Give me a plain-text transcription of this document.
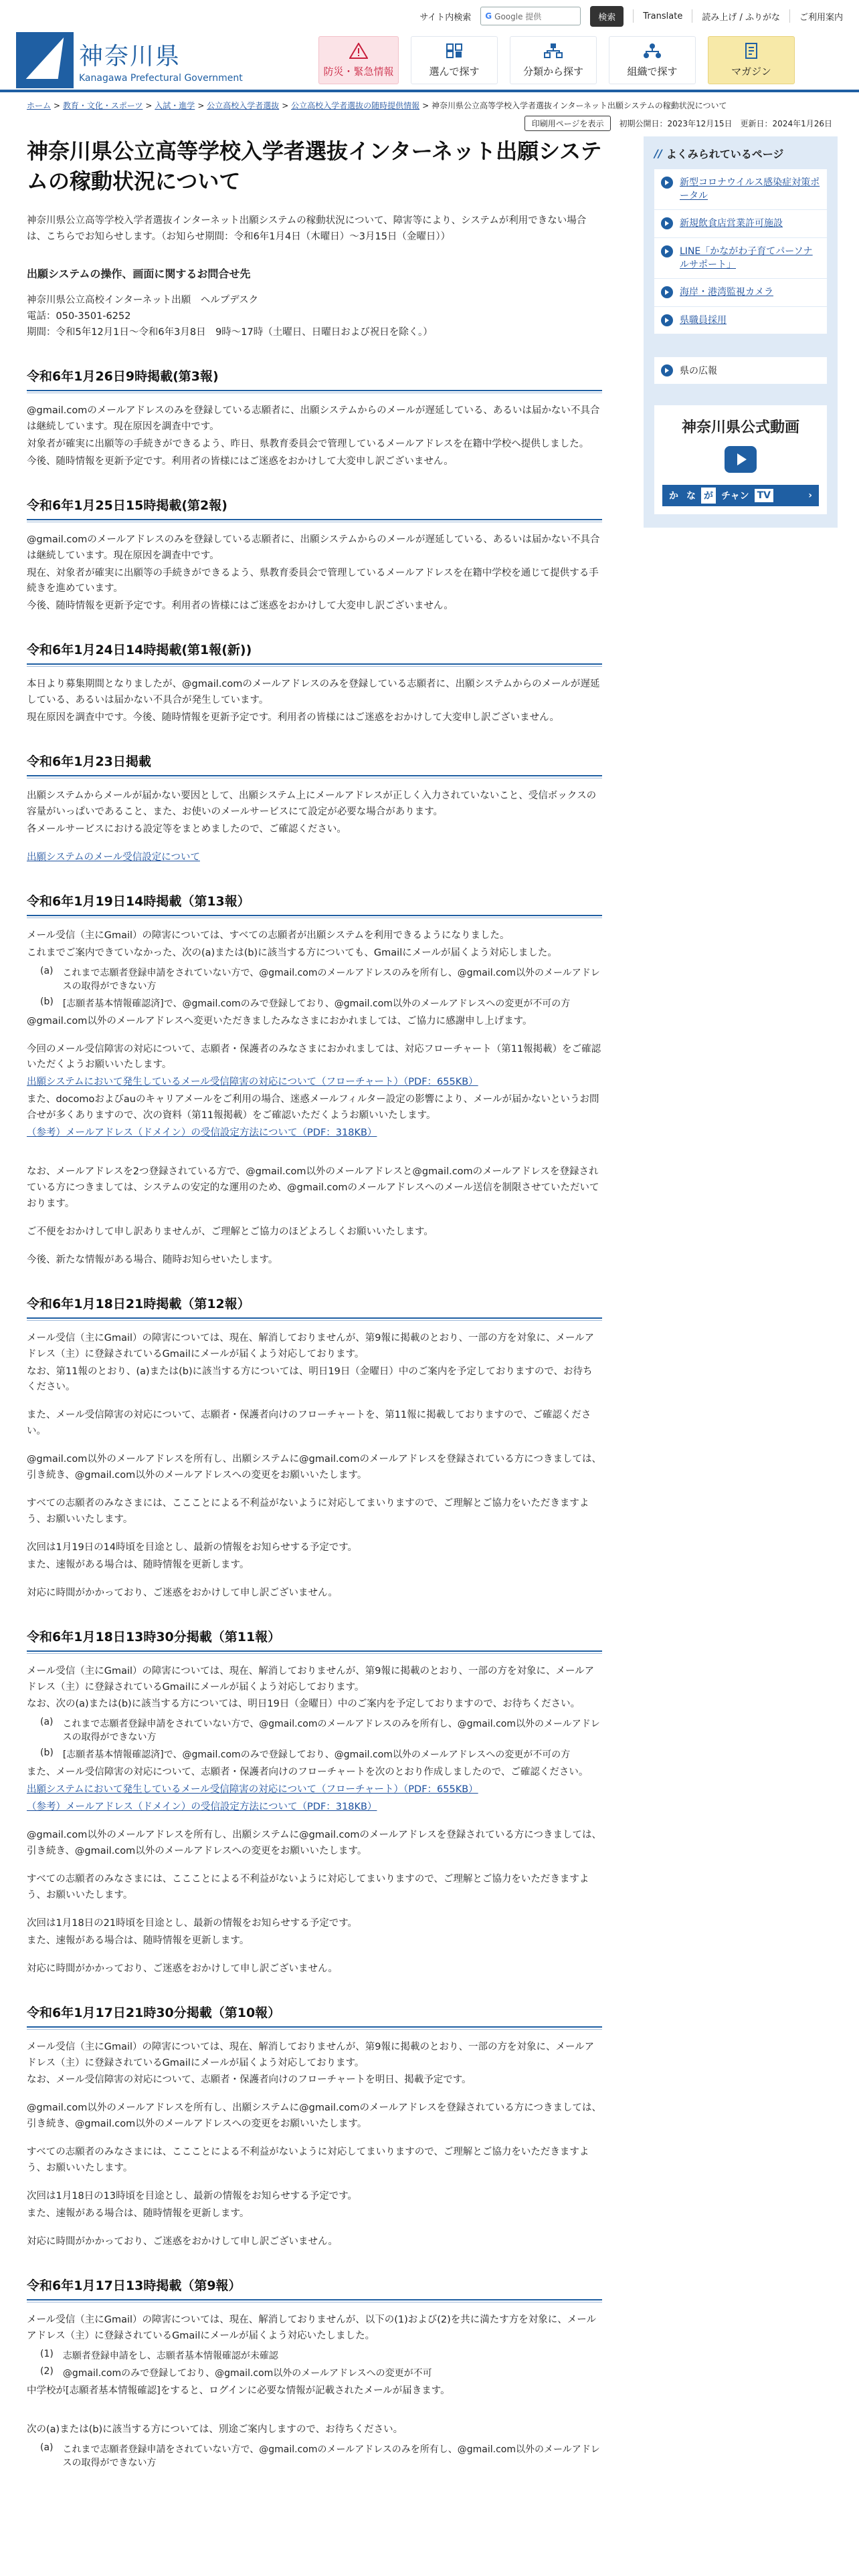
サイト内検索 G Google 提供	検索	Translate 読み上げ / ふりがな ご利用案内
神奈川県
Kanagawa Prefectural Government
防災・緊急情報	選んで探す	分類から探す	組織で探す	マガジン
ホーム > 教育・文化・スポーツ > 入試・進学 > 公立高校入学者選抜 > 公立高校入学者選抜の随時提供情報 > 神奈川県公立高等学校入学者選抜インターネット出願システムの稼動状況について
印刷用ページを表示	初期公開日：2023年12月15日 更新日：2024年1月26日
神奈川県公立高等学校入学者選抜インターネット出願システムの稼動状況について

神奈川県公立高等学校入学者選抜インターネット出願システムの稼動状況について、障害等により、システムが利用できない場合は、こちらでお知らせします。（お知らせ期間：令和6年1月4日（木曜日）～3月15日（金曜日））

出願システムの操作、画面に関するお問合せ先

神奈川県公立高校インターネット出願　ヘルプデスク

電話：050-3501-6252

期間：令和5年12月1日～令和6年3月8日　9時～17時（土曜日、日曜日および祝日を除く。）

令和6年1月26日9時掲載(第3報)

@gmail.comのメールアドレスのみを登録している志願者に、出願システムからのメールが遅延している、あるいは届かない不具合は継続しています。現在原因を調査中です。

対象者が確実に出願等の手続きができるよう、昨日、県教育委員会で管理しているメールアドレスを在籍中学校へ提供しました。

今後、随時情報を更新予定です。利用者の皆様にはご迷惑をおかけして大変申し訳ございません。

令和6年1月25日15時掲載(第2報)

@gmail.comのメールアドレスのみを登録している志願者に、出願システムからのメールが遅延している、あるいは届かない不具合は継続しています。現在原因を調査中です。

現在、対象者が確実に出願等の手続きができるよう、県教育委員会で管理しているメールアドレスを在籍中学校を通じて提供する手続きを進めています。

今後、随時情報を更新予定です。利用者の皆様にはご迷惑をおかけして大変申し訳ございません。

令和6年1月24日14時掲載(第1報(新))

本日より募集期間となりましたが、@gmail.comのメールアドレスのみを登録している志願者に、出願システムからのメールが遅延している、あるいは届かない不具合が発生しています。

現在原因を調査中です。今後、随時情報を更新予定です。利用者の皆様にはご迷惑をおかけして大変申し訳ございません。

令和6年1月23日掲載

出願システムからメールが届かない要因として、出願システム上にメールアドレスが正しく入力されていないこと、受信ボックスの容量がいっぱいであること、また、お使いのメールサービスにて設定が必要な場合があります。

各メールサービスにおける設定等をまとめましたので、ご確認ください。

出願システムのメール受信設定について

令和6年1月19日14時掲載（第13報）

メール受信（主にGmail）の障害については、すべての志願者が出願システムを利用できるようになりました。

これまでご案内できていなかった、次の(a)または(b)に該当する方についても、Gmailにメールが届くよう対応しました。

(a) これまで志願者登録申請をされていない方で、@gmail.comのメールアドレスのみを所有し、@gmail.com以外のメールアドレスの取得ができない方
(b) [志願者基本情報確認済]で、@gmail.comのみで登録しており、@gmail.com以外のメールアドレスへの変更が不可の方

@gmail.com以外のメールアドレスへ変更いただきましたみなさまにおかれましては、ご協力に感謝申し上げます。

今回のメール受信障害の対応について、志願者・保護者のみなさまにおかれましては、対応フローチャート（第11報掲載）をご確認いただくようお願いいたします。

出願システムにおいて発生しているメール受信障害の対応について（フローチャート）（PDF：655KB）

また、docomoおよびauのキャリアメールをご利用の場合、迷惑メールフィルター設定の影響により、メールが届かないというお問合せが多くありますので、次の資料（第11報掲載）をご確認いただくようお願いいたします。

（参考）メールアドレス（ドメイン）の受信設定方法について（PDF：318KB）

なお、メールアドレスを2つ登録されている方で、@gmail.com以外のメールアドレスと@gmail.comのメールアドレスを登録されている方につきましては、システムの安定的な運用のため、@gmail.comのメールアドレスへのメール送信を制限させていただいております。

ご不便をおかけして申し訳ありませんが、ご理解とご協力のほどよろしくお願いいたします。

今後、新たな情報がある場合、随時お知らせいたします。

令和6年1月18日21時掲載（第12報）

メール受信（主にGmail）の障害については、現在、解消しておりませんが、第9報に掲載のとおり、一部の方を対象に、メールアドレス（主）に登録されているGmailにメールが届くよう対応しております。

なお、第11報のとおり、(a)または(b)に該当する方については、明日19日（金曜日）中のご案内を予定しておりますので、お待ちください。

また、メール受信障害の対応について、志願者・保護者向けのフローチャートを、第11報に掲載しておりますので、ご確認ください。

@gmail.com以外のメールアドレスを所有し、出願システムに@gmail.comのメールアドレスを登録されている方につきましては、引き続き、@gmail.com以外のメールアドレスへの変更をお願いいたします。

すべての志願者のみなさまには、ここことによる不利益がないように対応してまいりますので、ご理解とご協力をいただきますよう、お願いいたします。

次回は1月19日の14時頃を目途とし、最新の情報をお知らせする予定です。

また、速報がある場合は、随時情報を更新します。

対応に時間がかかっており、ご迷惑をおかけして申し訳ございません。

令和6年1月18日13時30分掲載（第11報）

メール受信（主にGmail）の障害については、現在、解消しておりませんが、第9報に掲載のとおり、一部の方を対象に、メールアドレス（主）に登録されているGmailにメールが届くよう対応しております。

なお、次の(a)または(b)に該当する方については、明日19日（金曜日）中のご案内を予定しておりますので、お待ちください。

(a) これまで志願者登録申請をされていない方で、@gmail.comのメールアドレスのみを所有し、@gmail.com以外のメールアドレスの取得ができない方
(b) [志願者基本情報確認済]で、@gmail.comのみで登録しており、@gmail.com以外のメールアドレスへの変更が不可の方

また、メール受信障害の対応について、志願者・保護者向けのフローチャートを次のとおり作成しましたので、ご確認ください。

出願システムにおいて発生しているメール受信障害の対応について（フローチャート）（PDF：655KB）

（参考）メールアドレス（ドメイン）の受信設定方法について（PDF：318KB）

@gmail.com以外のメールアドレスを所有し、出願システムに@gmail.comのメールアドレスを登録されている方につきましては、引き続き、@gmail.com以外のメールアドレスへの変更をお願いいたします。

すべての志願者のみなさまには、ここことによる不利益がないように対応してまいりますので、ご理解とご協力をいただきますよう、お願いいたします。

次回は1月18日の21時頃を目途とし、最新の情報をお知らせする予定です。

また、速報がある場合は、随時情報を更新します。

対応に時間がかかっており、ご迷惑をおかけして申し訳ございません。

令和6年1月17日21時30分掲載（第10報）

メール受信（主にGmail）の障害については、現在、解消しておりませんが、第9報に掲載のとおり、一部の方を対象に、メールアドレス（主）に登録されているGmailにメールが届くよう対応しております。

なお、メール受信障害の対応について、志願者・保護者向けのフローチャートを明日、掲載予定です。

@gmail.com以外のメールアドレスを所有し、出願システムに@gmail.comのメールアドレスを登録されている方につきましては、引き続き、@gmail.com以外のメールアドレスへの変更をお願いいたします。

すべての志願者のみなさまには、ここことによる不利益がないように対応してまいりますので、ご理解とご協力をいただきますよう、お願いいたします。

次回は1月18日の13時頃を目途とし、最新の情報をお知らせする予定です。

また、速報がある場合は、随時情報を更新します。

対応に時間がかかっており、ご迷惑をおかけして申し訳ございません。

令和6年1月17日13時掲載（第9報）

メール受信（主にGmail）の障害については、現在、解消しておりませんが、以下の(1)および(2)を共に満たす方を対象に、メールアドレス（主）に登録されているGmailにメールが届くよう対応いたしました。

(1) 志願者登録申請をし、志願者基本情報確認が未確認
(2) @gmail.comのみで登録しており、@gmail.com以外のメールアドレスへの変更が不可

中学校が[志願者基本情報確認]をすると、ログインに必要な情報が記載されたメールが届きます。

次の(a)または(b)に該当する方については、別途ご案内しますので、お待ちください。

(a) これまで志願者登録申請をされていない方で、@gmail.comのメールアドレスのみを所有し、@gmail.com以外のメールアドレスの取得ができない方
// よくみられているページ
新型コロナウイルス感染症対策ポータル
新規飲食店営業許可施設
LINE「かながわ子育てパーソナルサポート」
海岸・港湾監視カメラ
県職員採用
県の広報
神奈川県公式動画
か な が チャン TV	›
